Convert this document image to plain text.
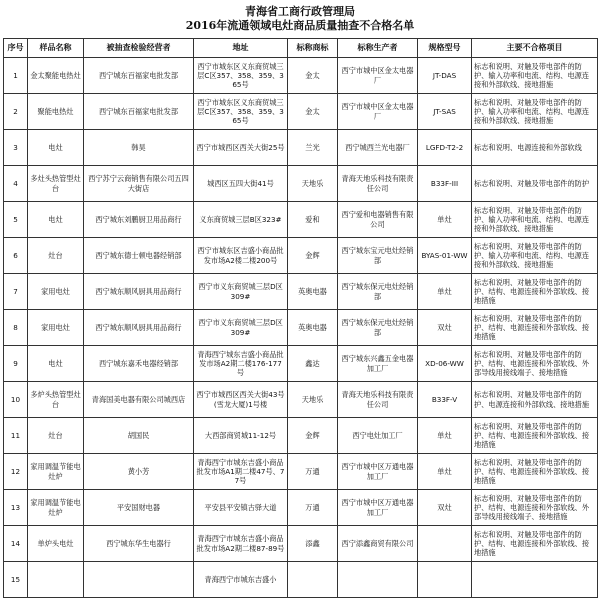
青海省工商行政管理局
2016年流通领域电灶商品质量抽查不合格名单
序号	样品名称	被抽查检验经营者	地址	标称商标	标称生产者	规格型号	主要不合格项目
1	金太聚能电热灶	西宁城东百福家电批发部	西宁市城东区义东商贸城三层C区357、358、359、365号	金太	西宁市城中区金太电器厂	JT-DAS	标志和说明、对触及带电部件的防护、输入功率和电流、结构、电源连接和外部软线、接地措施
2	聚能电热灶	西宁城东百福家电批发部	西宁市城东区义东商贸城三层C区357、358、359、365号	金太	西宁市城中区金太电器厂	JT-SAS	标志和说明、对触及带电部件的防护、输入功率和电流、结构、电源连接和外部软线、接地措施
3	电灶	韩昊	西宁市城西区西关大街25号	兰光	西宁城西兰光电器厂	LGFD-T2-2	标志和说明、电源连接和外部软线
4	多灶头热管型灶台	西宁苏宁云商销售有限公司五四大街店	城西区五四大街41号	天地乐	青海天地乐科技有限责任公司	B33F-III	标志和说明、对触及带电部件的防护
5	电灶	西宁城东刘鹏厨卫用品商行	义东商贸城三层B区323#	爱和	西宁爱和电器销售有限公司	单灶	标志和说明、对触及带电部件的防护、输入功率和电流、结构、电源连接和外部软线、接地措施
6	灶台	西宁城东德士顿电器经销部	西宁市城东区吉盛小商品批发市场A2楼二楼200号	金辉	西宁城东宝元电灶经销部	BYAS-01-WW	标志和说明、对触及带电部件的防护、输入功率和电流、结构、电源连接和外部软线、接地措施
7	家用电灶	西宁城东顺风厨具用品商行	西宁市义东商贸城三层D区309#	英奥电器	西宁城东保元电灶经销部	单灶	标志和说明、对触及带电部件的防护、结构、电源连接和外部软线、接地措施
8	家用电灶	西宁城东顺风厨具用品商行	西宁市义东商贸城三层D区309#	英奥电器	西宁城东保元电灶经销部	双灶	标志和说明、对触及带电部件的防护、结构、电源连接和外部软线、接地措施
9	电灶	西宁城东嘉禾电器经销部	青海西宁城东吉盛小商品批发市场A2期二楼176-177号	鑫达	西宁城东兴鑫五金电器加工厂	XD-06-WW	标志和说明、对触及带电部件的防护、结构、电源连接和外部软线、外部导线用接线端子、接地措施
10	多炉头热管型灶台	青海国美电器有限公司城西店	西宁市城西区西关大街43号(雪龙大厦)1号楼	天地乐	青海天地乐科技有限责任公司	B33F-V	标志和说明、对触及带电部件的防护、电源连接和外部软线、接地措施
11	灶台	胡国民	大西部商贸城11-12号	金辉	西宁电灶加工厂	单灶	标志和说明、对触及带电部件的防护、结构、电源连接和外部软线、接地措施
12	家用调温节能电灶炉	黄小芳	青海西宁市城东吉盛小商品批发市场A1期二楼47号、77号	万通	西宁市城中区万通电器加工厂	单灶	标志和说明、对触及带电部件的防护、结构、电源连接和外部软线、接地措施
13	家用调温节能电灶炉	平安国财电器	平安县平安镇古驿大道	万通	西宁市城中区万通电器加工厂	双灶	标志和说明、对触及带电部件的防护、结构、电源连接和外部软线、外部导线用接线端子、接地措施
14	单炉头电灶	西宁城东华生电器行	青海西宁市城东吉盛小商品批发市场A2期二楼87-89号	添鑫	西宁添鑫商贸有限公司		标志和说明、对触及带电部件的防护、结构、电源连接和外部软线、接地措施
15			青海西宁市城东吉盛小				
